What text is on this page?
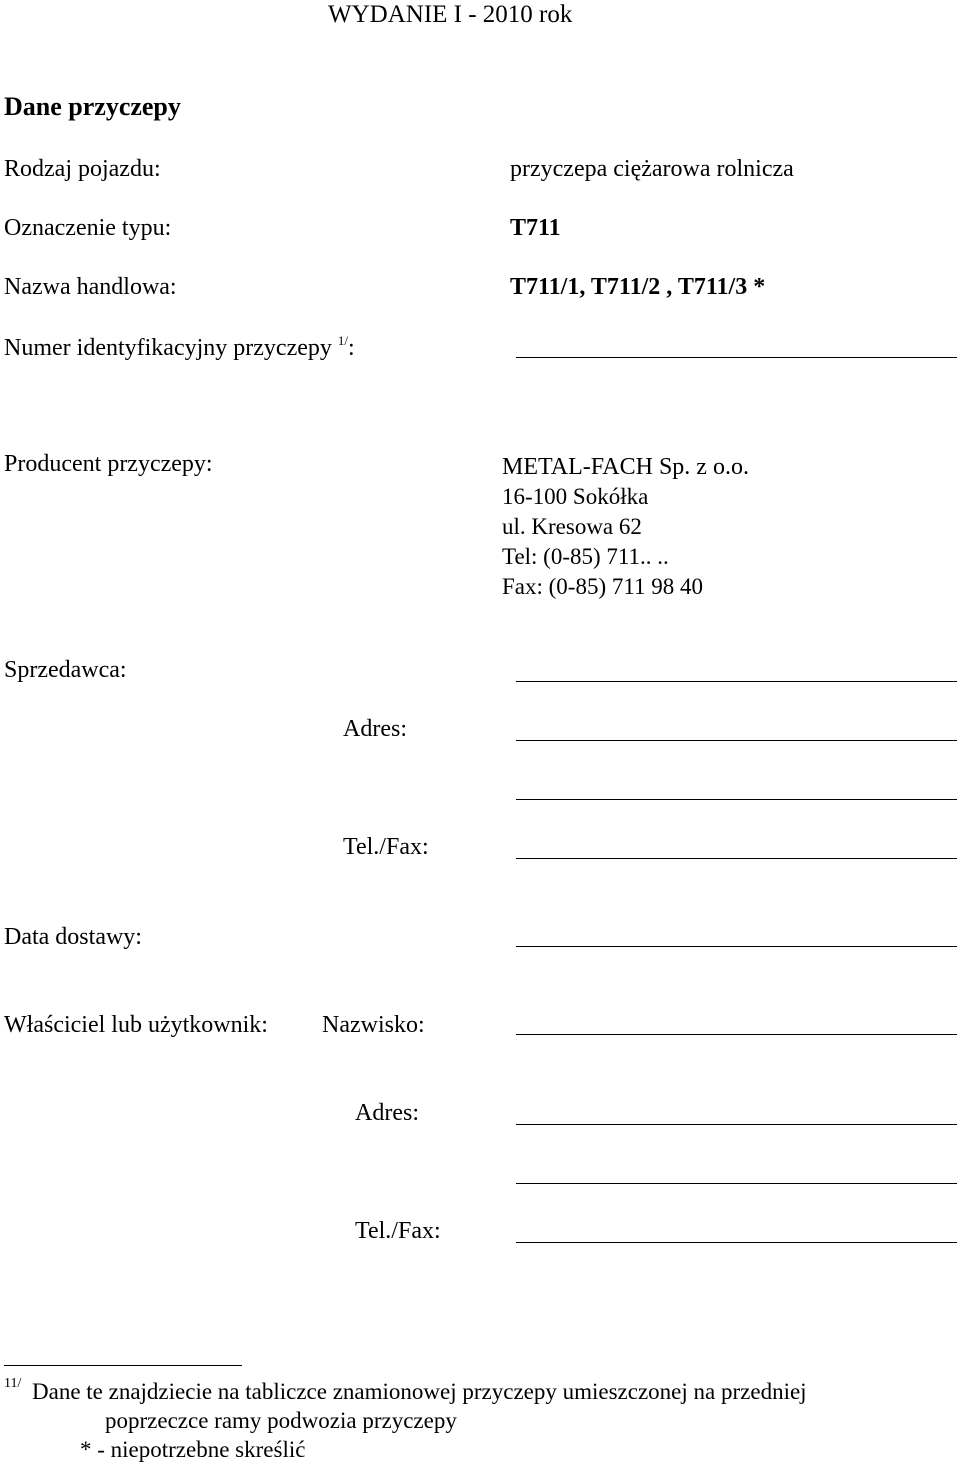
WYDANIE I - 2010 rok
Dane przyczepy
Rodzaj pojazdu:	przyczepa ciężarowa rolnicza
Oznaczenie typu:	T711
Nazwa handlowa:	T711/1, T711/2 , T711/3 *
Numer identyfikacyjny przyczepy $^{1/}$:
Producent przyczepy:	METAL-FACH Sp. z o.o.
16-100 Sokółka
ul. Kresowa 62
Tel: (0-85) 711.. ..
Fax: (0-85) 711 98 40
Sprzedawca:
Adres:
Tel./Fax:
Data dostawy:
Właściciel lub użytkownik: Nazwisko:
Adres:
Tel./Fax:
11/ Dane te znajdziecie na tabliczce znamionowej przyczepy umieszczonej na przedniej
poprzeczce ramy podwozia przyczepy
* - niepotrzebne skreślić
